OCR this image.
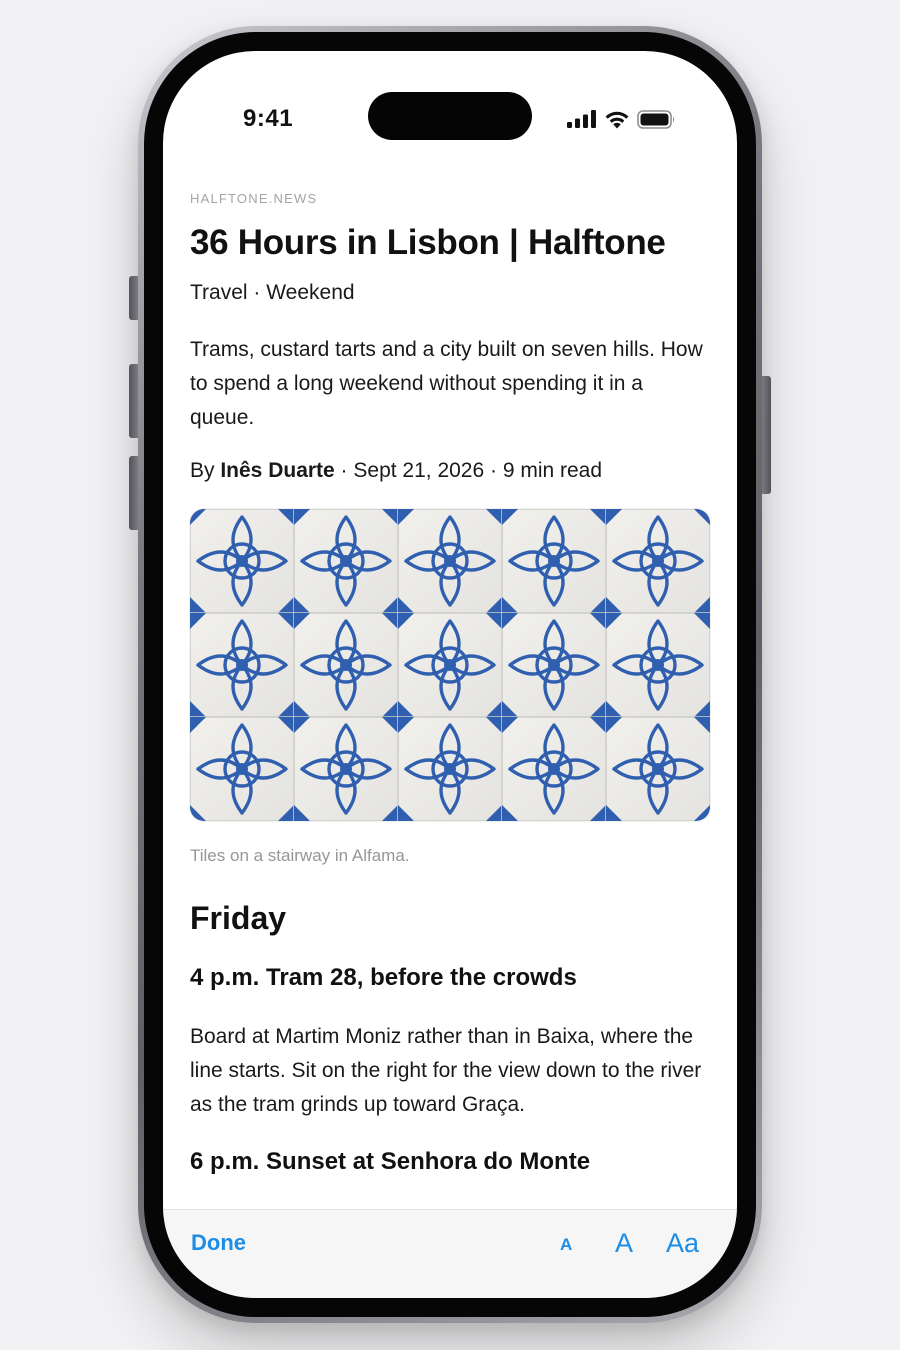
9:41

HALFTONE.NEWS

36 Hours in Lisbon | Halftone

Travel · Weekend

Trams, custard tarts and a city built on seven hills. How to spend a long weekend without spending it in a queue.

By Inês Duarte · Sept 21, 2026 · 9 min read

Tiles on a stairway in Alfama.

Friday
4 p.m. Tram 28, before the crowds

Board at Martim Moniz rather than in Baixa, where the line starts. Sit on the right for the view down to the river as the tram grinds up toward Graça.

6 p.m. Sunset at Senhora do Monte
Done	A A Aa
